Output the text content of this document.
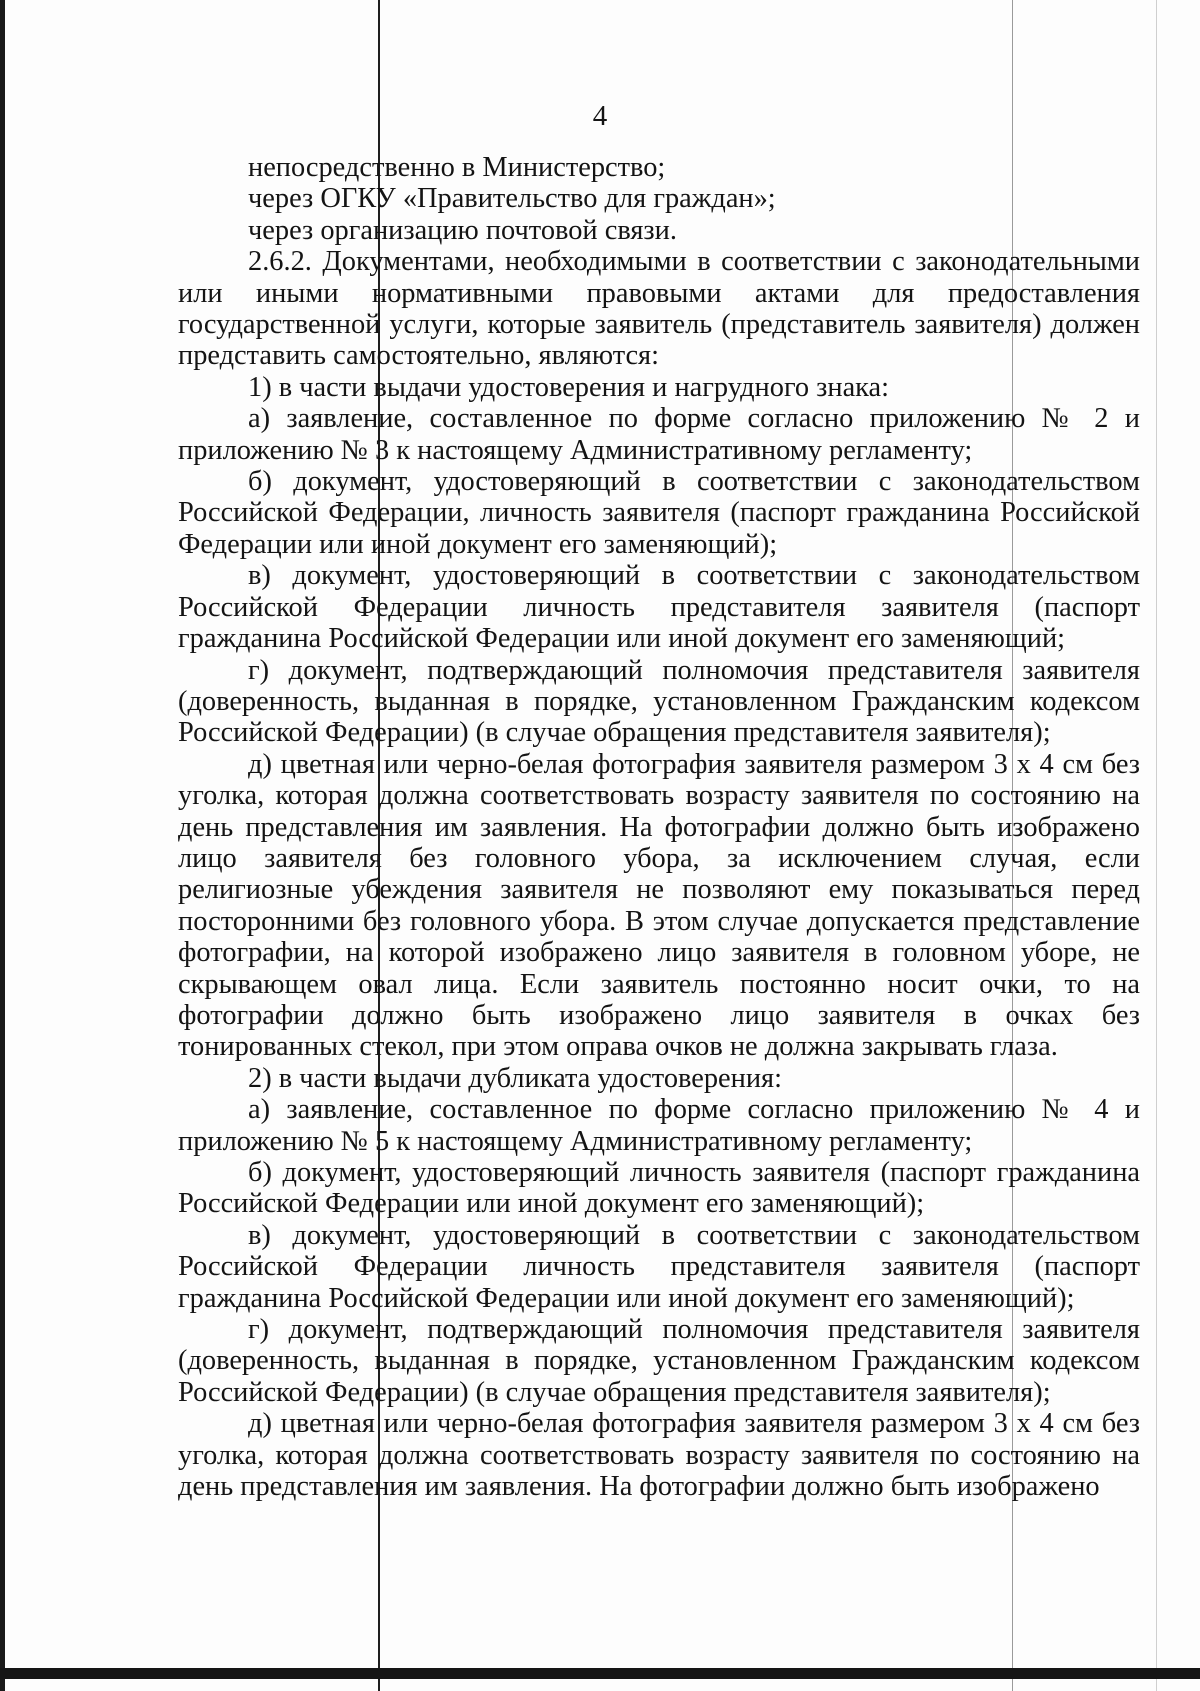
4

непосредственно в Министерство;

через ОГКУ «Правительство для граждан»;

через организацию почтовой связи.

2.6.2. Документами, необходимыми в соответствии с законодательными или иными нормативными правовыми актами для предоставления государственной услуги, которые заявитель (представитель заявителя) должен представить самостоятельно, являются:

1) в части выдачи удостоверения и нагрудного знака:

а) заявление, составленное по форме согласно приложению № 2 и приложению № 3 к настоящему Административному регламенту;

б) документ, удостоверяющий в соответствии с законодательством Российской Федерации, личность заявителя (паспорт гражданина Российской Федерации или иной документ его заменяющий);

в) документ, удостоверяющий в соответствии с законодательством Российской Федерации личность представителя заявителя (паспорт гражданина Российской Федерации или иной документ его заменяющий;

г) документ, подтверждающий полномочия представителя заявителя (доверенность, выданная в порядке, установленном Гражданским кодексом Российской Федерации) (в случае обращения представителя заявителя);

д) цветная или черно-белая фотография заявителя размером 3 x 4 см без уголка, которая должна соответствовать возрасту заявителя по состоянию на день представления им заявления. На фотографии должно быть изображено лицо заявителя без головного убора, за исключением случая, если религиозные убеждения заявителя не позволяют ему показываться перед посторонними без головного убора. В этом случае допускается представление фотографии, на которой изображено лицо заявителя в головном уборе, не скрывающем овал лица. Если заявитель постоянно носит очки, то на фотографии должно быть изображено лицо заявителя в очках без тонированных стекол, при этом оправа очков не должна закрывать глаза.

2) в части выдачи дубликата удостоверения:

а) заявление, составленное по форме согласно приложению № 4 и приложению № 5 к настоящему Административному регламенту;

б) документ, удостоверяющий личность заявителя (паспорт гражданина Российской Федерации или иной документ его заменяющий);

в) документ, удостоверяющий в соответствии с законодательством Российской Федерации личность представителя заявителя (паспорт гражданина Российской Федерации или иной документ его заменяющий);

г) документ, подтверждающий полномочия представителя заявителя (доверенность, выданная в порядке, установленном Гражданским кодексом Российской Федерации) (в случае обращения представителя заявителя);

д) цветная или черно-белая фотография заявителя размером 3 x 4 см без уголка, которая должна соответствовать возрасту заявителя по состоянию на день представления им заявления. На фотографии должно быть изображено
